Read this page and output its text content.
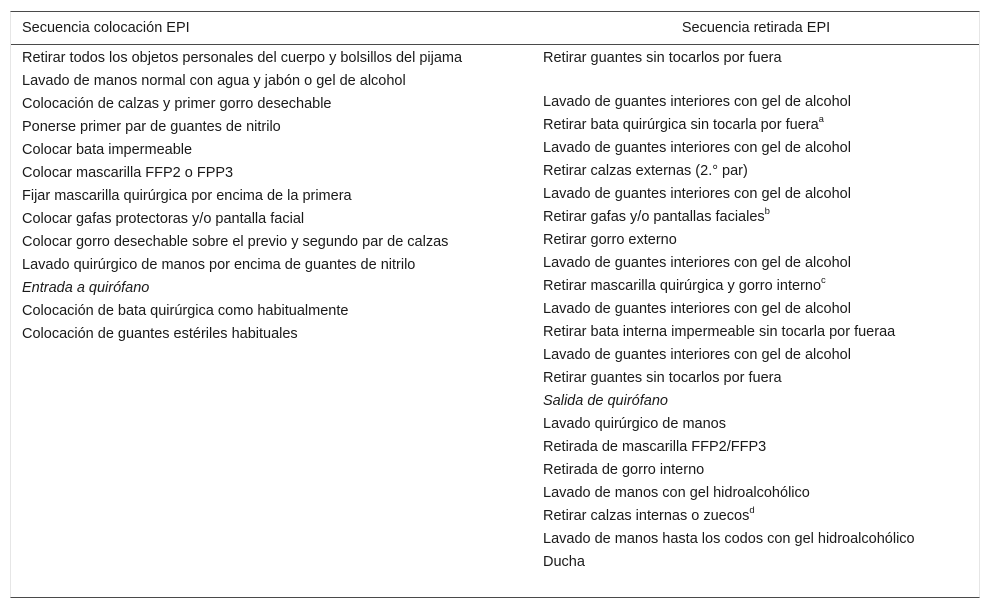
Secuencia colocación EPI	Secuencia retirada EPI
Retirar todos los objetos personales del cuerpo y bolsillos del pijama
Lavado de manos normal con agua y jabón o gel de alcohol
Colocación de calzas y primer gorro desechable
Ponerse primer par de guantes de nitrilo
Colocar bata impermeable
Colocar mascarilla FFP2 o FPP3
Fijar mascarilla quirúrgica por encima de la primera
Colocar gafas protectoras y/o pantalla facial
Colocar gorro desechable sobre el previo y segundo par de calzas
Lavado quirúrgico de manos por encima de guantes de nitrilo
Entrada a quirófano
Colocación de bata quirúrgica como habitualmente
Colocación de guantes estériles habituales
Retirar guantes sin tocarlos por fuera
Lavado de guantes interiores con gel de alcohol
Retirar bata quirúrgica sin tocarla por fuera$^a$
Lavado de guantes interiores con gel de alcohol
Retirar calzas externas (2.° par)
Lavado de guantes interiores con gel de alcohol
Retirar gafas y/o pantallas faciales$^b$
Retirar gorro externo
Lavado de guantes interiores con gel de alcohol
Retirar mascarilla quirúrgica y gorro interno$^c$
Lavado de guantes interiores con gel de alcohol
Retirar bata interna impermeable sin tocarla por fueraa
Lavado de guantes interiores con gel de alcohol
Retirar guantes sin tocarlos por fuera
Salida de quirófano
Lavado quirúrgico de manos
Retirada de mascarilla FFP2/FFP3
Retirada de gorro interno
Lavado de manos con gel hidroalcohólico
Retirar calzas internas o zuecos$^d$
Lavado de manos hasta los codos con gel hidroalcohólico
Ducha
